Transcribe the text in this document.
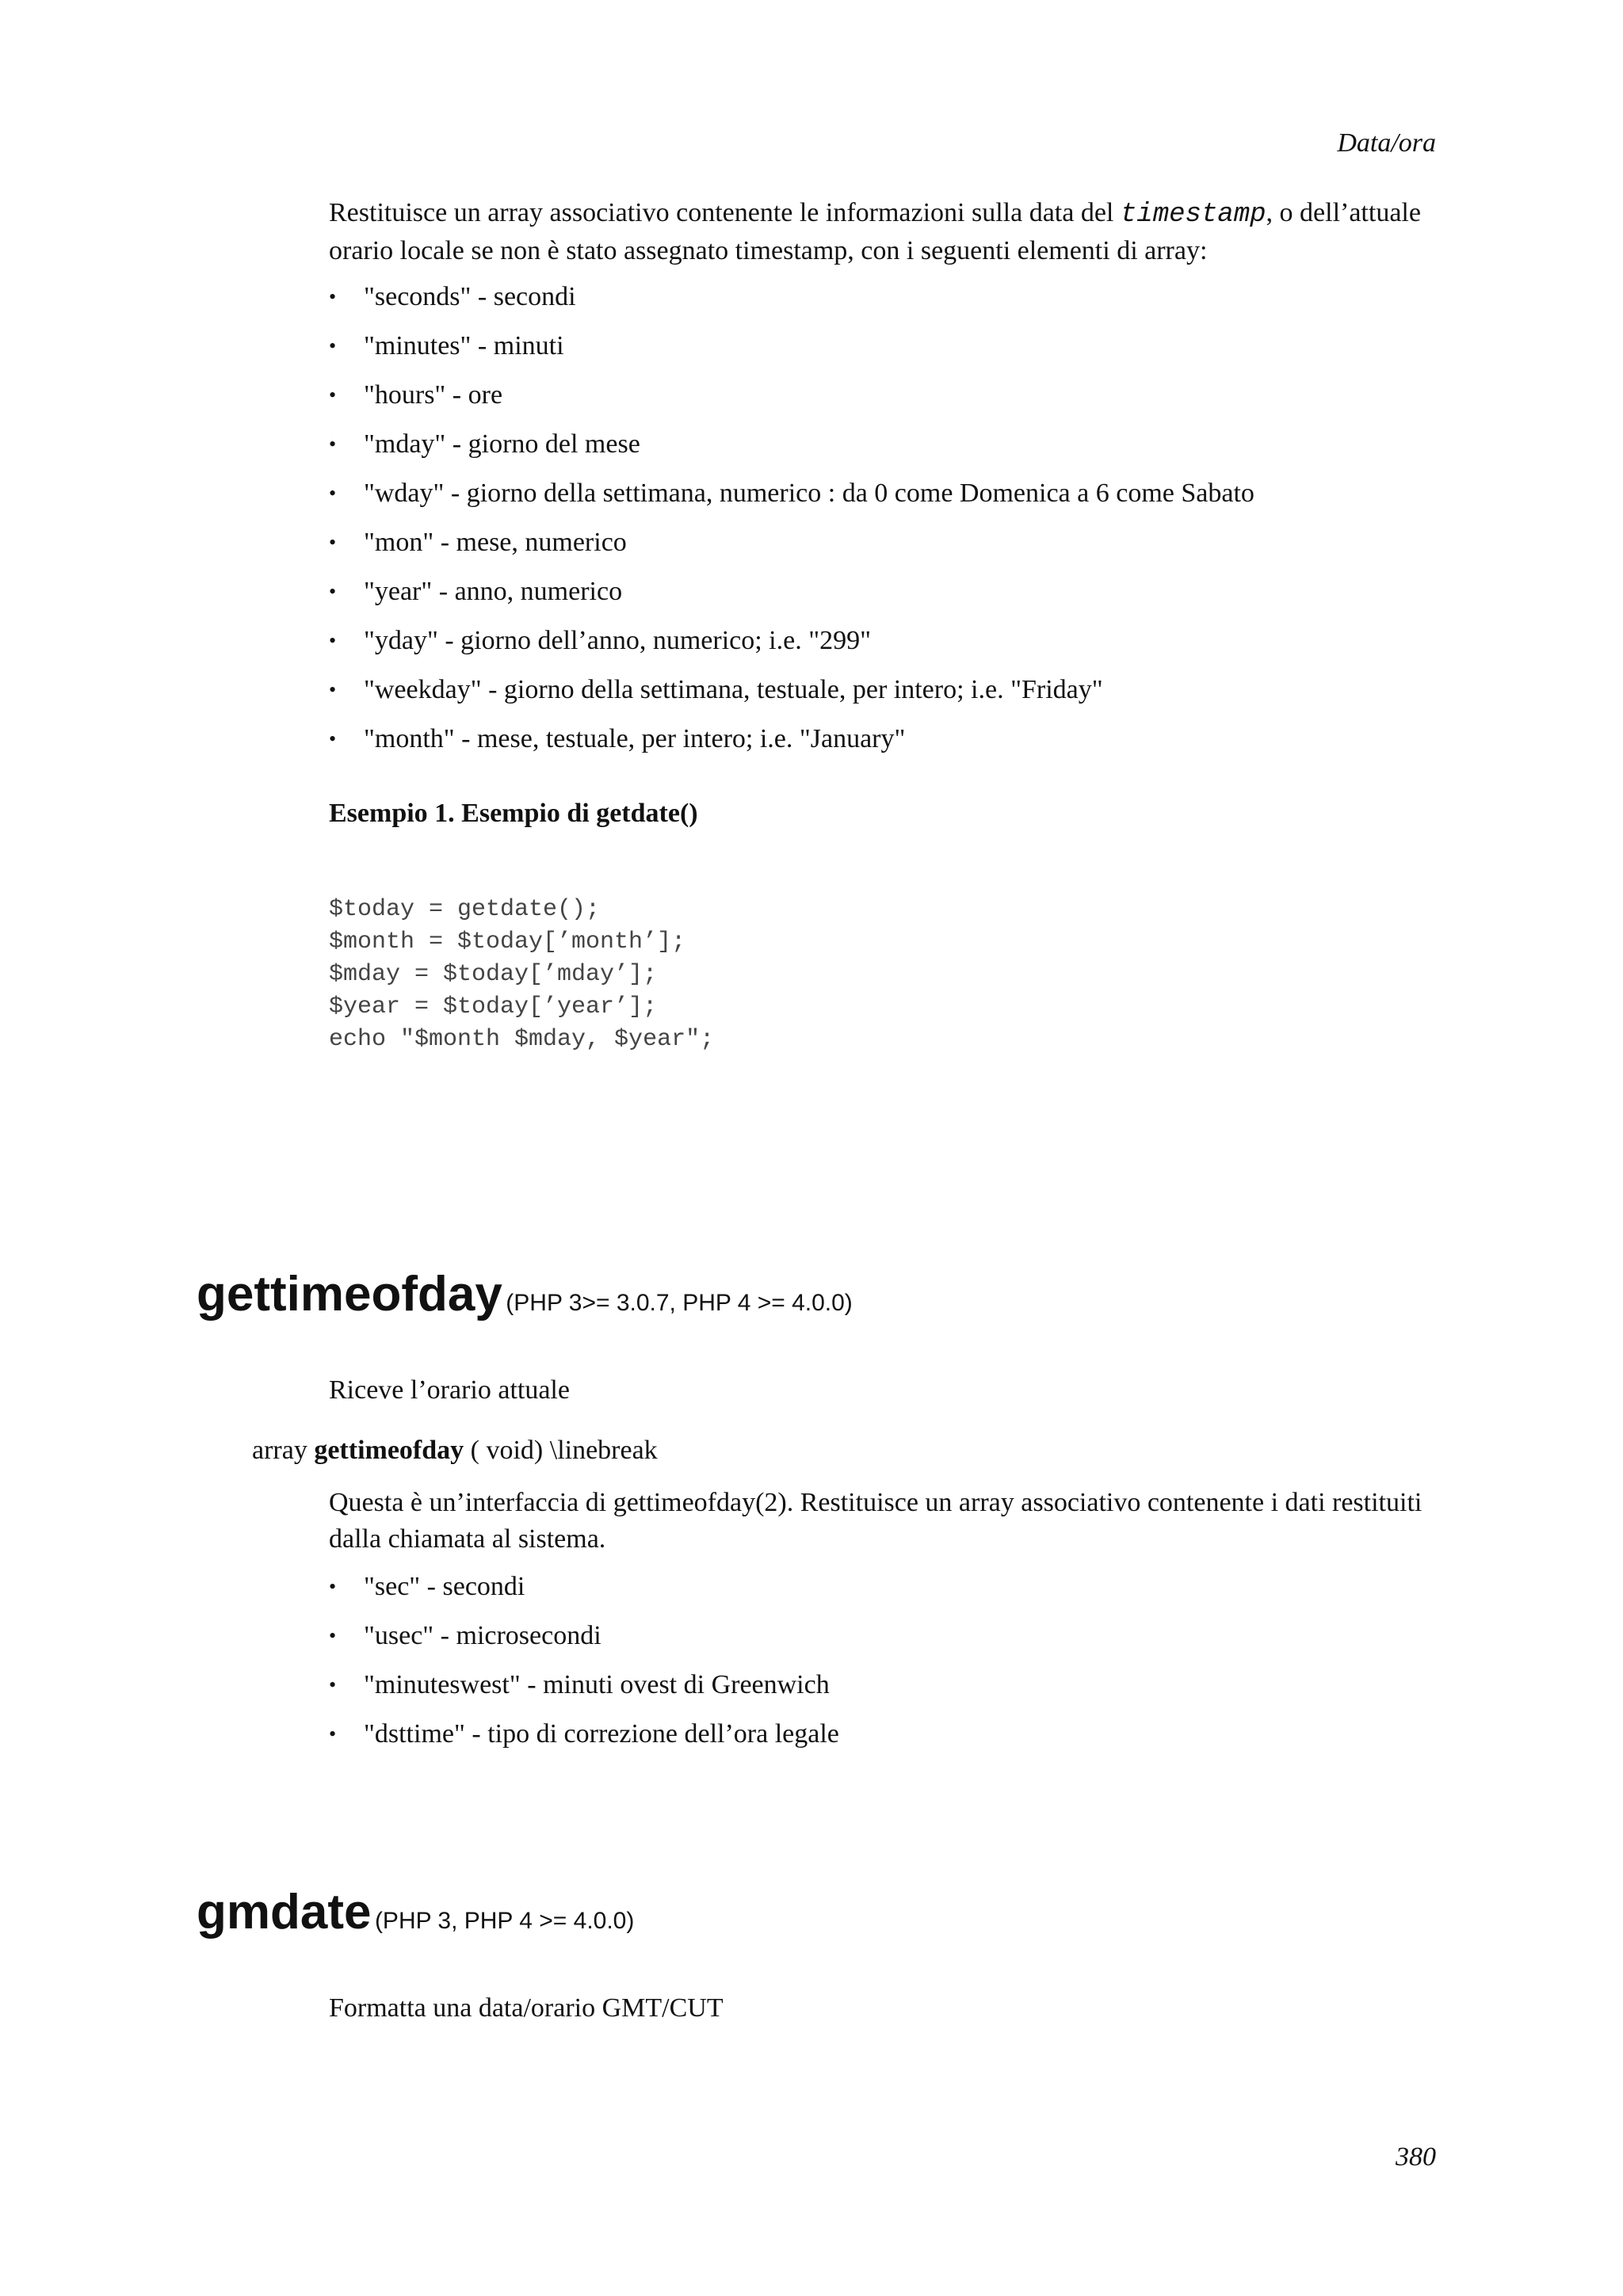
Data/ora
Restituisce un array associativo contenente le informazioni sulla data del timestamp, o dell’attuale orario locale se non è stato assegnato timestamp, con i seguenti elementi di array:
• "seconds" - secondi
• "minutes" - minuti
• "hours" - ore
• "mday" - giorno del mese
• "wday" - giorno della settimana, numerico : da 0 come Domenica a 6 come Sabato
• "mon" - mese, numerico
• "year" - anno, numerico
• "yday" - giorno dell’anno, numerico; i.e. "299"
• "weekday" - giorno della settimana, testuale, per intero; i.e. "Friday"
• "month" - mese, testuale, per intero; i.e. "January"
Esempio 1. Esempio di getdate()
$today = getdate();
$month = $today[’month’];
$mday = $today[’mday’];
$year = $today[’year’];
echo "$month $mday, $year";
gettimeofday (PHP 3>= 3.0.7, PHP 4 >= 4.0.0)
Riceve l’orario attuale
array gettimeofday ( void) \linebreak
Questa è un’interfaccia di gettimeofday(2). Restituisce un array associativo contenente i dati restituiti dalla chiamata al sistema.
• "sec" - secondi
• "usec" - microsecondi
• "minuteswest" - minuti ovest di Greenwich
• "dsttime" - tipo di correzione dell’ora legale
gmdate (PHP 3, PHP 4 >= 4.0.0)
Formatta una data/orario GMT/CUT
380
